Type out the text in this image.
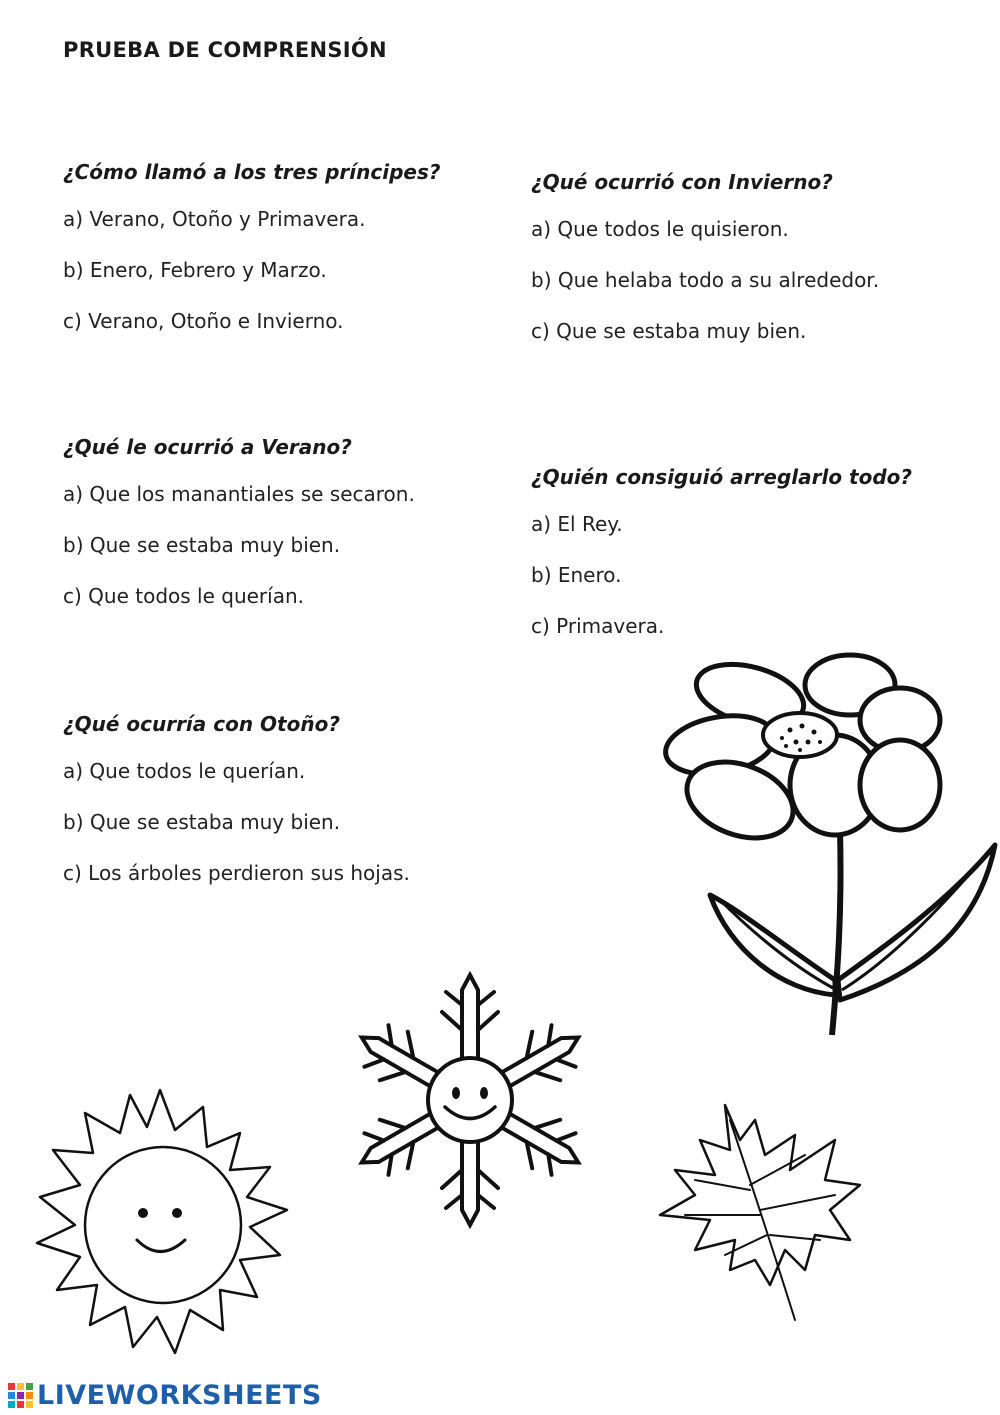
PRUEBA DE COMPRENSIÓN
¿Cómo llamó a los tres príncipes?
a) Verano, Otoño y Primavera.
b) Enero, Febrero y Marzo.
c) Verano, Otoño e Invierno.
¿Qué le ocurrió a Verano?
a) Que los manantiales se secaron.
b) Que se estaba muy bien.
c) Que todos le querían.
¿Qué ocurría con Otoño?
a) Que todos le querían.
b) Que se estaba muy bien.
c) Los árboles perdieron sus hojas.
¿Qué ocurrió con Invierno?
a) Que todos le quisieron.
b) Que helaba todo a su alrededor.
c) Que se estaba muy bien.
¿Quién consiguió arreglarlo todo?
a) El Rey.
b) Enero.
c) Primavera.
LIVEWORKSHEETS
